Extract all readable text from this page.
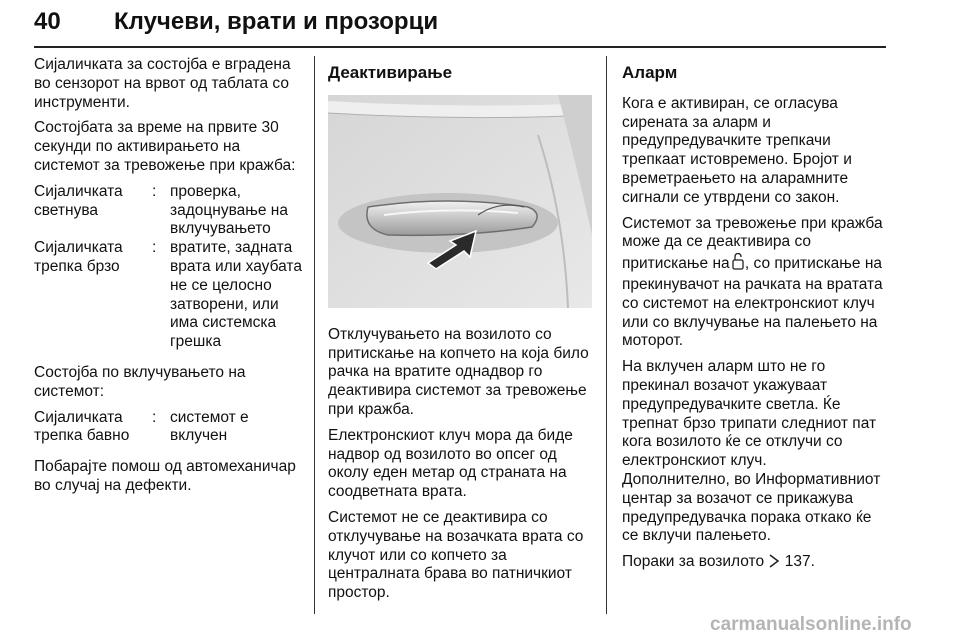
40 Клучеви, врати и прозорци

Сијаличката за состојба е вградена во сензорот на врвот од таблата со инструменти.

Состојбата за време на првите 30 секунди по активирањето на системот за тревожење при кражба:

Сијаличката светнува
: проверка, задоцнување на вклучувањето
Сијаличката трепка брзо
: вратите, задната врата или хаубата не се целосно затворени, или има системска грешка

Состојба по вклучувањето на системот:

Сијаличката трепка бавно
: системот е вклучен

Побарајте помош од автомеханичар во случај на дефекти.

Деактивирање

Отклучувањето на возилото со притискање на копчето на која било рачка на вратите однадвор го деактивира системот за тревожење при кражба.

Електронскиот клуч мора да биде надвор од возилото во опсег од околу еден метар од страната на соодветната врата.

Системот не се деактивира со отклучување на возачката врата со клучот или со копчето за централната брава во патничкиот простор.

Аларм

Кога е активиран, се огласува сирената за аларм и предупредувачките трепкачи трепкаат истовремено. Бројот и времетраењето на аларамните сигнали се утврдени со закон.

Системот за тревожење при кражба може да се деактивира со притискање на  , со притискање на прекинувачот на рачката на вратата со системот на електронскиот клуч или со вклучување на палењето на моторот.

На вклучен аларм што не го прекинал возачот укажуваат предупредувачките светла. Ќе трепнат брзо трипати следниот пат кога возилото ќе се отклучи со електронскиот клуч.

Дополнително, во Информативниот центар за возачот се прикажува предупредувачка порака откако ќе се вклучи палењето.

Пораки за возилото  137.

carmanualsonline.info
